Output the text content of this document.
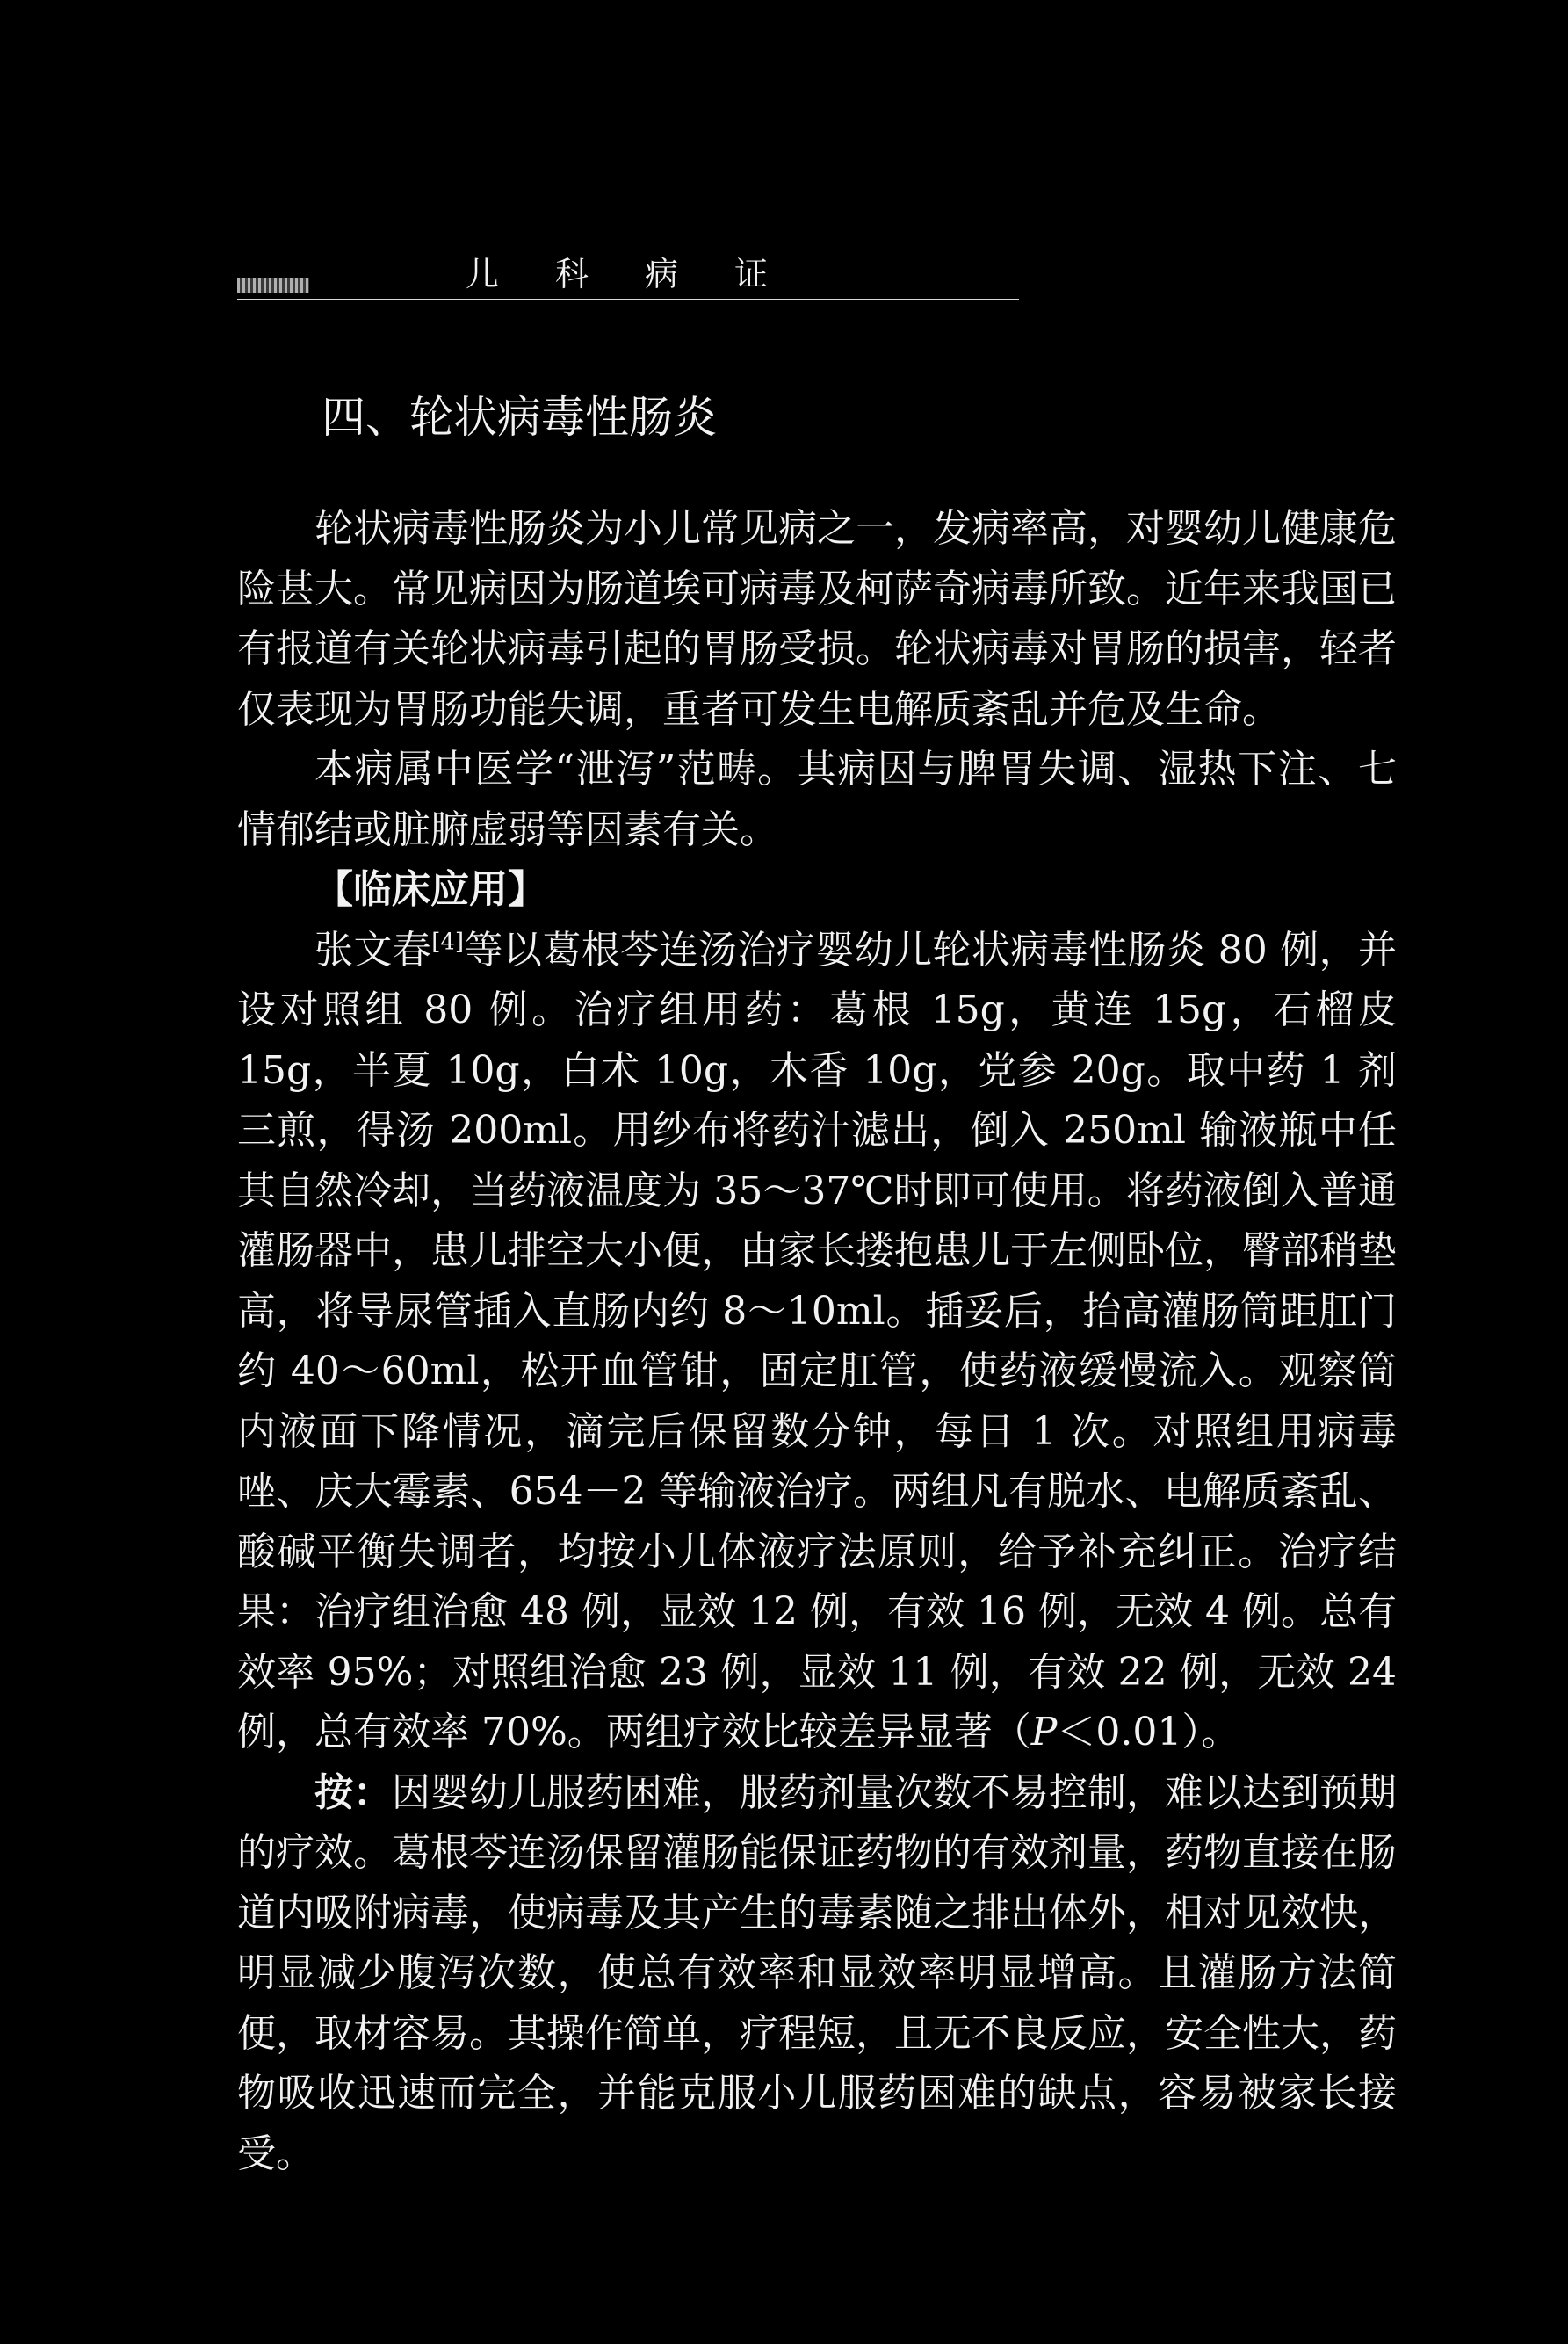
儿 科 病 证
四、轮状病毒性肠炎

轮状病毒性肠炎为小儿常见病之一，发病率高，对婴幼儿健康危险甚大。常见病因为肠道埃可病毒及柯萨奇病毒所致。近年来我国已有报道有关轮状病毒引起的胃肠受损。轮状病毒对胃肠的损害，轻者仅表现为胃肠功能失调，重者可发生电解质紊乱并危及生命。

本病属中医学“泄泻”范畴。其病因与脾胃失调、湿热下注、七情郁结或脏腑虚弱等因素有关。

【临床应用】

张文春[4]等以葛根芩连汤治疗婴幼儿轮状病毒性肠炎 80 例，并设对照组 80 例。治疗组用药：葛根 15g，黄连 15g，石榴皮 15g，半夏 10g，白术 10g，木香 10g，党参 20g。取中药 1 剂三煎，得汤 200ml。用纱布将药汁滤出，倒入 250ml 输液瓶中任其自然冷却，当药液温度为 35～37℃时即可使用。将药液倒入普通灌肠器中，患儿排空大小便，由家长搂抱患儿于左侧卧位，臀部稍垫高，将导尿管插入直肠内约 8～10ml。插妥后，抬高灌肠筒距肛门约 40～60ml，松开血管钳，固定肛管，使药液缓慢流入。观察筒内液面下降情况，滴完后保留数分钟，每日 1 次。对照组用病毒唑、庆大霉素、654－2 等输液治疗。两组凡有脱水、电解质紊乱、酸碱平衡失调者，均按小儿体液疗法原则，给予补充纠正。治疗结果：治疗组治愈 48 例，显效 12 例，有效 16 例，无效 4 例。总有效率 95%；对照组治愈 23 例，显效 11 例，有效 22 例，无效 24 例，总有效率 70%。两组疗效比较差异显著（P＜0.01）。

按：因婴幼儿服药困难，服药剂量次数不易控制，难以达到预期的疗效。葛根芩连汤保留灌肠能保证药物的有效剂量，药物直接在肠道内吸附病毒，使病毒及其产生的毒素随之排出体外，相对见效快，明显减少腹泻次数，使总有效率和显效率明显增高。且灌肠方法简便，取材容易。其操作简单，疗程短，且无不良反应，安全性大，药物吸收迅速而完全，并能克服小儿服药困难的缺点，容易被家长接受。
